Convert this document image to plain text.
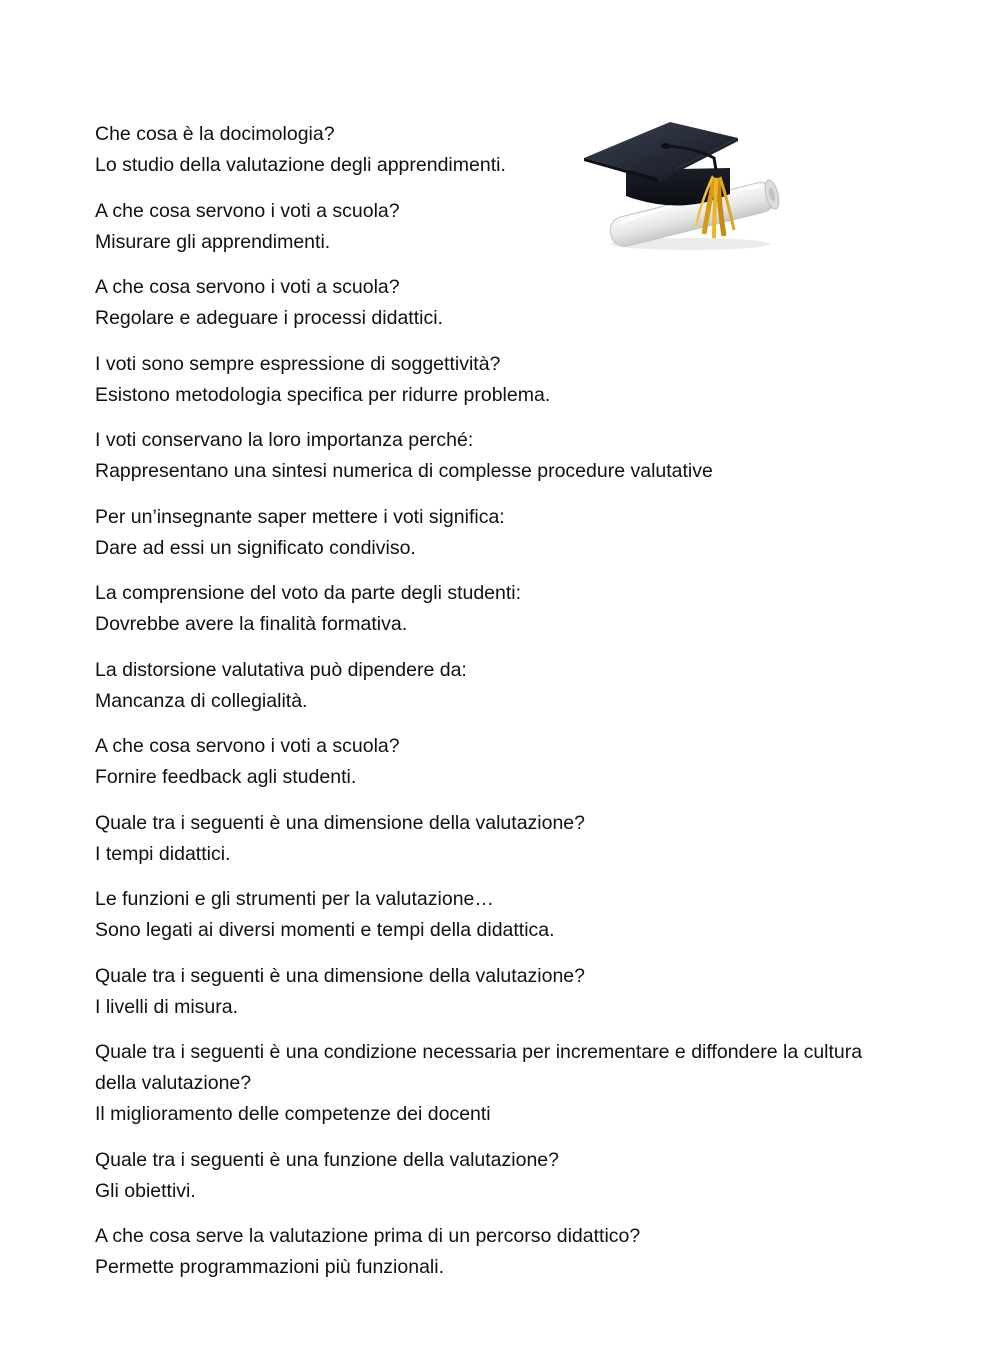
Che cosa è la docimologia?

Lo studio della valutazione degli apprendimenti.

A che cosa servono i voti a scuola?

Misurare gli apprendimenti.

A che cosa servono i voti a scuola?

Regolare e adeguare i processi didattici.

I voti sono sempre espressione di soggettività?

Esistono metodologia specifica per ridurre problema.

I voti conservano la loro importanza perché:

Rappresentano una sintesi numerica di complesse procedure valutative

Per un’insegnante saper mettere i voti significa:

Dare ad essi un significato condiviso.

La comprensione del voto da parte degli studenti:

Dovrebbe avere la finalità formativa.

La distorsione valutativa può dipendere da:

Mancanza di collegialità.

A che cosa servono i voti a scuola?

Fornire feedback agli studenti.

Quale tra i seguenti è una dimensione della valutazione?

I tempi didattici.

Le funzioni e gli strumenti per la valutazione…

Sono legati ai diversi momenti e tempi della didattica.

Quale tra i seguenti è una dimensione della valutazione?

I livelli di misura.

Quale tra i seguenti è una condizione necessaria per incrementare e diffondere la cultura della valutazione?

Il miglioramento delle competenze dei docenti

Quale tra i seguenti è una funzione della valutazione?

Gli obiettivi.

A che cosa serve la valutazione prima di un percorso didattico?

Permette programmazioni più funzionali.
